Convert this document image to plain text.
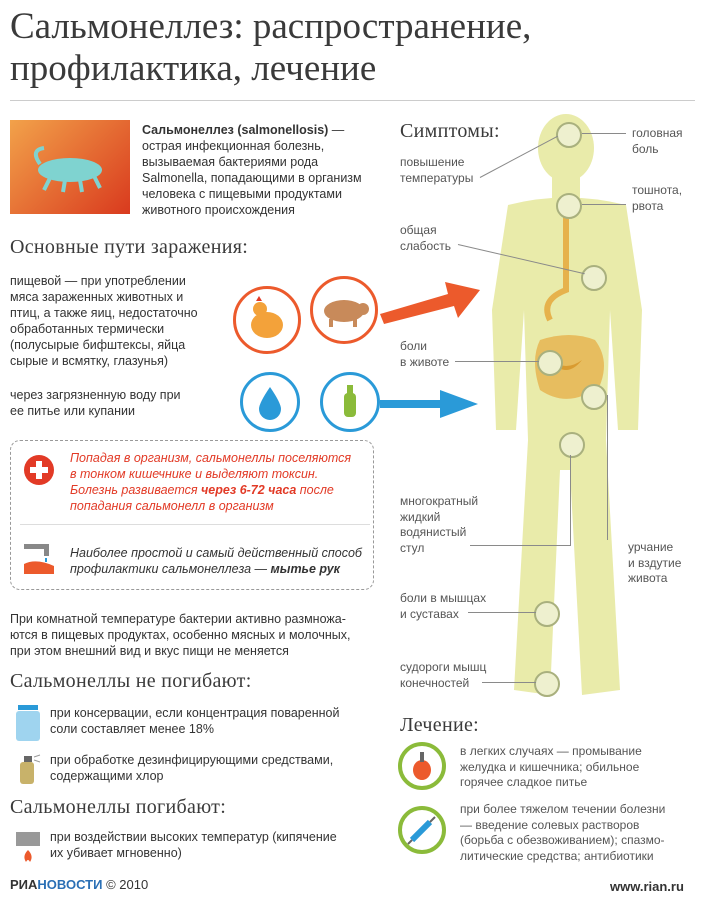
Сальмонеллез: распространение,
профилактика, лечение
Сальмонеллез (salmonellosis) —
острая инфекционная болезнь,
вызываемая бактериями рода
Salmonella, попадающими в организм
человека с пищевыми продуктами
животного происхождения
Основные пути заражения:
пищевой — при употреблении
мяса зараженных животных и
птиц, а также яиц, недостаточно
обработанных термически
(полусырые бифштексы, яйца
сырые и всмятку, глазунья)
через загрязненную воду при
ее питье или купании
Попадая в организм, сальмонеллы поселяются
в тонком кишечнике и выделяют токсин.
Болезнь развивается через 6-72 часа после
попадания сальмонелл в организм
Наиболее простой и самый действенный способ
профилактики сальмонеллеза — мытье рук
При комнатной температуре бактерии активно размножа-
ются в пищевых продуктах, особенно мясных и молочных,
при этом внешний вид и вкус пищи не меняется
Сальмонеллы не погибают:
при консервации, если концентрация поваренной
соли составляет менее 18%
при обработке дезинфицирующими средствами,
содержащими хлор
Сальмонеллы погибают:
при воздействии высоких температур (кипячение
их убивает мгновенно)
Симптомы:	головная
боль
повышение
температуры
тошнота,
рвота
общая
слабость
боли
в животе
многократный
жидкий
водянистый
стул	урчание
и вздутие
живота
боли в мышцах
и суставах
судороги мышц
конечностей
Лечение:
в легких случаях — промывание
желудка и кишечника; обильное
горячее сладкое питье
при более тяжелом течении болезни
— введение солевых растворов
(борьба с обезвоживанием); спазмо-
литические средства; антибиотики
РИАНОВОСТИ © 2010	www.rian.ru
